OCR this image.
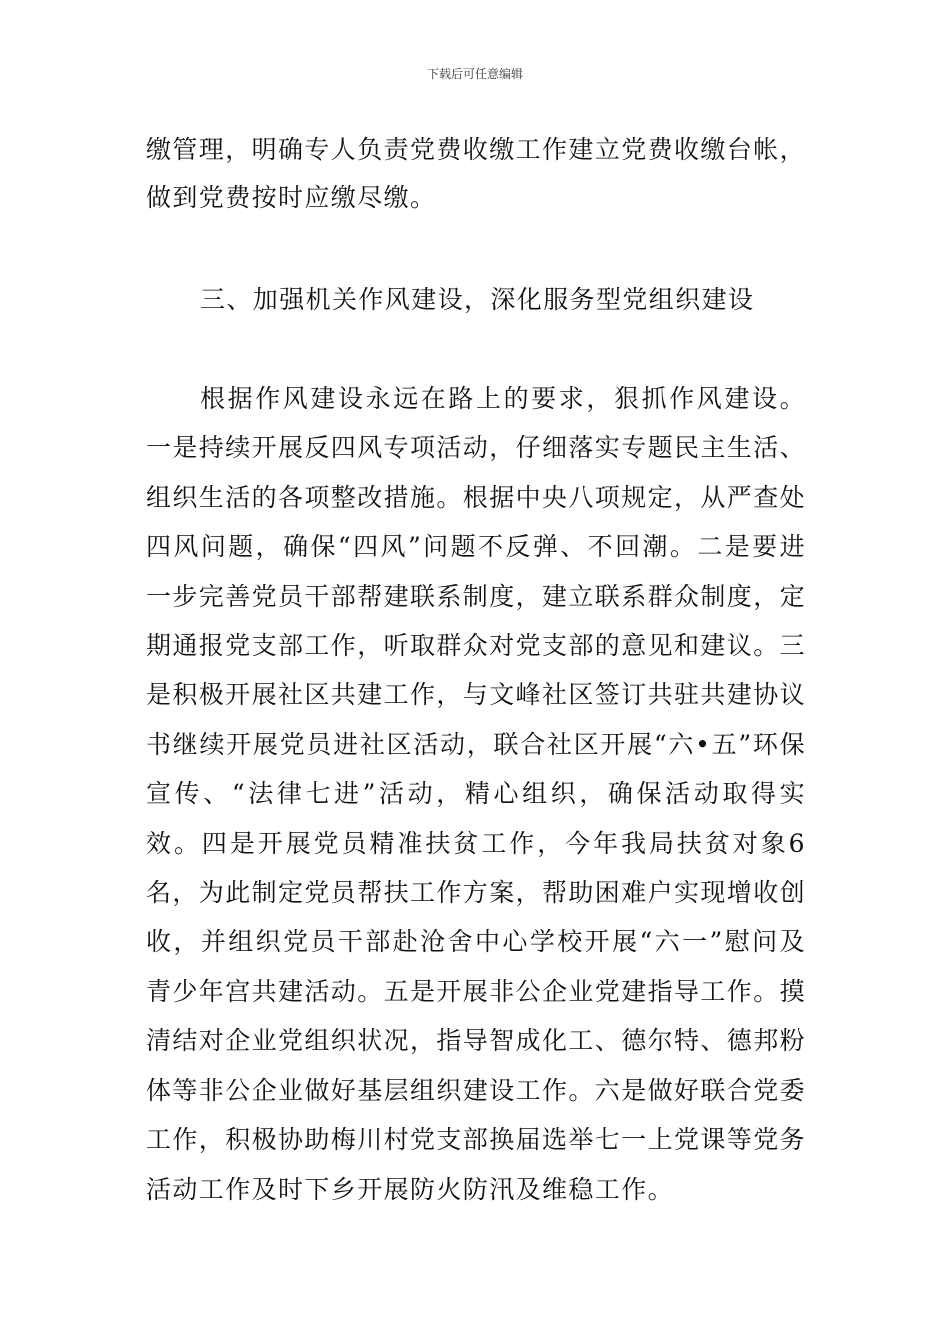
下载后可任意编辑

缴管理，明确专人负责党费收缴工作建立党费收缴台帐，做到党费按时应缴尽缴。

三、加强机关作风建设，深化服务型党组织建设

根据作风建设永远在路上的要求，狠抓作风建设。一是持续开展反四风专项活动，仔细落实专题民主生活、组织生活的各项整改措施。根据中央八项规定，从严查处四风问题，确保“四风”问题不反弹、不回潮。二是要进一步完善党员干部帮建联系制度，建立联系群众制度，定期通报党支部工作，听取群众对党支部的意见和建议。三是积极开展社区共建工作，与文峰社区签订共驻共建协议书继续开展党员进社区活动，联合社区开展“六•五”环保宣传、“法律七进”活动，精心组织，确保活动取得实效。四是开展党员精准扶贫工作，今年我局扶贫对象6名，为此制定党员帮扶工作方案，帮助困难户实现增收创收，并组织党员干部赴沧舍中心学校开展“六一”慰问及青少年宫共建活动。五是开展非公企业党建指导工作。摸清结对企业党组织状况，指导智成化工、德尔特、德邦粉体等非公企业做好基层组织建设工作。六是做好联合党委工作，积极协助梅川村党支部换届选举七一上党课等党务活动工作及时下乡开展防火防汛及维稳工作。
